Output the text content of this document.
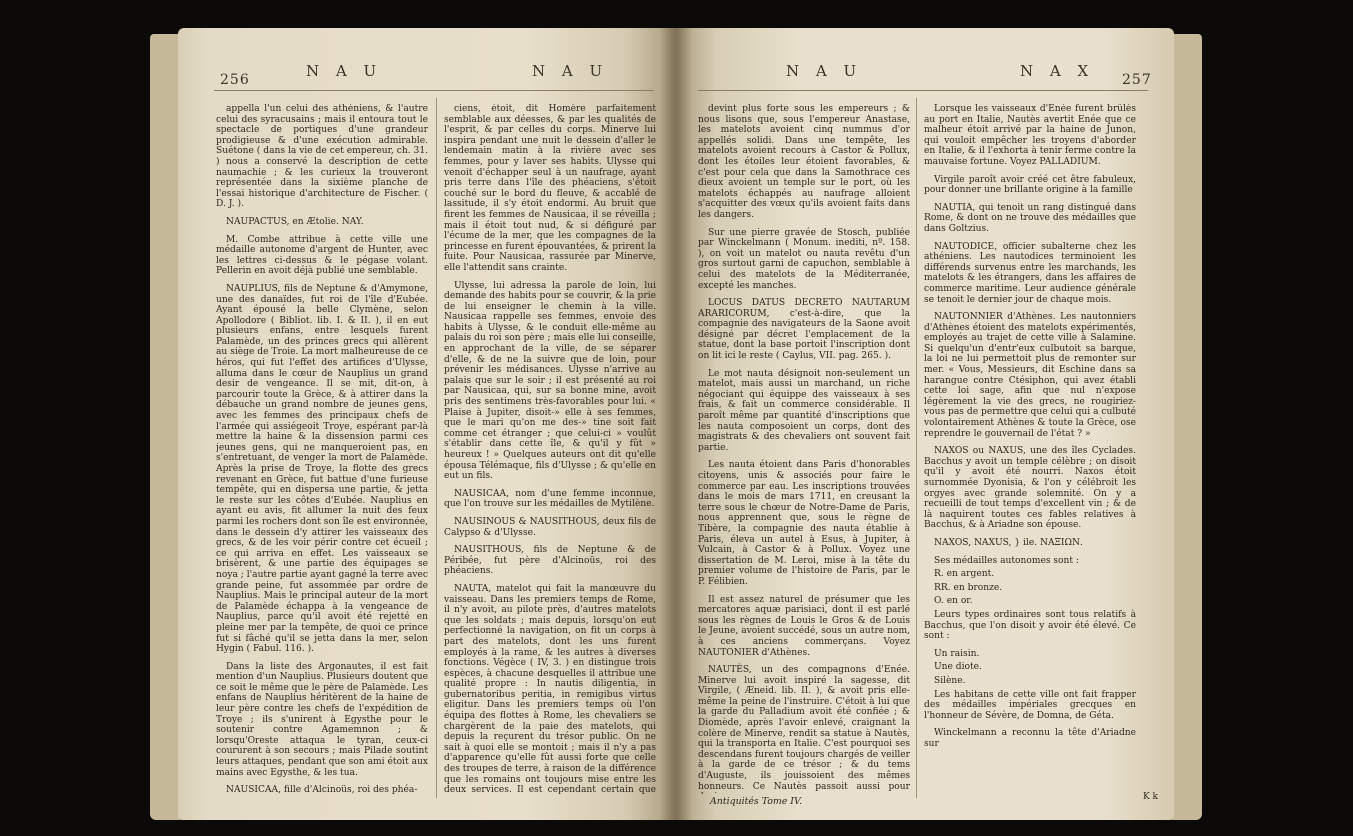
256	N A U	N A U

appella l'un celui des athéniens, & l'autre celui des syracusains ; mais il entoura tout le spectacle de portiques d'une grandeur prodigieuse & d'une exécution admirable. Suétone ( dans la vie de cet empereur, ch. 31. ) nous a conservé la description de cette naumachie ; & les curieux la trouveront représentée dans la sixième planche de l'essai historique d'architecture de Fischer. ( D. J. ).

NAUPACTUS, en Ætolie. NAY.

M. Combe attribue à cette ville une médaille autonome d'argent de Hunter, avec les lettres ci-dessus & le pégase volant. Pellerin en avoit déjà publié une semblable.

NAUPLIUS, fils de Neptune & d'Amymone, une des danaïdes, fut roi de l'île d'Eubée. Ayant épousé la belle Clymène, selon Apollodore ( Bibliot. lib. I. & II. ), il en eut plusieurs enfans, entre lesquels furent Palamède, un des princes grecs qui allèrent au siège de Troie. La mort malheureuse de ce héros, qui fut l'effet des artifices d'Ulysse, alluma dans le cœur de Nauplius un grand desir de vengeance. Il se mit, dit-on, à parcourir toute la Grèce, & à attirer dans la débauche un grand nombre de jeunes gens, avec les femmes des principaux chefs de l'armée qui assiégeoit Troye, espérant par-là mettre la haine & la dissension parmi ces jeunes gens, qui ne manqueroient pas, en s'entretuant, de venger la mort de Palamède. Après la prise de Troye, la flotte des grecs revenant en Grèce, fut battue d'une furieuse tempête, qui en dispersa une partie, & jetta le reste sur les côtes d'Eubée. Nauplius en ayant eu avis, fit allumer la nuit des feux parmi les rochers dont son île est environnée, dans le dessein d'y attirer les vaisseaux des grecs, & de les voir périr contre cet écueil ; ce qui arriva en effet. Les vaisseaux se brisèrent, & une partie des équipages se noya ; l'autre partie ayant gagné la terre avec grande peine, fut assommée par ordre de Nauplius. Mais le principal auteur de la mort de Palamède échappa à la vengeance de Nauplius, parce qu'il avoit été rejetté en pleine mer par la tempête, de quoi ce prince fut si fâché qu'il se jetta dans la mer, selon Hygin ( Fabul. 116. ).

Dans la liste des Argonautes, il est fait mention d'un Nauplius. Plusieurs doutent que ce soit le même que le père de Palamède. Les enfans de Nauplius héritèrent de la haine de leur père contre les chefs de l'expédition de Troye ; ils s'unirent à Egysthe pour le soutenir contre Agamemnon ; & lorsqu'Oreste attaqua le tyran, ceux-ci coururent à son secours ; mais Pilade soutint leurs attaques, pendant que son ami étoit aux mains avec Egysthe, & les tua.

NAUSICAA, fille d'Alcinoüs, roi des phéa-

ciens, étoit, dit Homère parfaitement semblable aux déesses, & par les qualités de l'esprit, & par celles du corps. Minerve lui inspira pendant une nuit le dessein d'aller le lendemain matin à la rivière avec ses femmes, pour y laver ses habits. Ulysse qui venoit d'échapper seul à un naufrage, ayant pris terre dans l'île des phéaciens, s'étoit couché sur le bord du fleuve, & accablé de lassitude, il s'y étoit endormi. Au bruit que firent les femmes de Nausicaa, il se réveilla ; mais il étoit tout nud, & si défiguré par l'écume de la mer, que les compagnes de la princesse en furent épouvantées, & prirent la fuite. Pour Nausicaa, rassurée par Minerve, elle l'attendit sans crainte.

Ulysse, lui adressa la parole de loin, lui demande des habits pour se couvrir, & la prie de lui enseigner le chemin à la ville. Nausicaa rappelle ses femmes, envoie des habits à Ulysse, & le conduit elle-même au palais du roi son père ; mais elle lui conseille, en approchant de la ville, de se séparer d'elle, & de ne la suivre que de loin, pour prévenir les médisances. Ulysse n'arrive au palais que sur le soir ; il est présenté au roi par Nausicaa, qui, sur sa bonne mine, avoit pris des sentimens très-favorables pour lui. « Plaise à Jupiter, disoit-» elle à ses femmes, que le mari qu'on me des-» tine soit fait comme cet étranger ; que celui-ci » voulût s'établir dans cette île, & qu'il y fût » heureux ! » Quelques auteurs ont dit qu'elle épousa Télémaque, fils d'Ulysse ; & qu'elle en eut un fils.

NAUSICAA, nom d'une femme inconnue, que l'on trouve sur les médailles de Mytilène.

NAUSINOUS & NAUSITHOUS, deux fils de Calypso & d'Ulysse.

NAUSITHOUS, fils de Neptune & de Péribée, fut père d'Alcinoüs, roi des phéaciens.

NAUTA, matelot qui fait la manœuvre du vaisseau. Dans les premiers temps de Rome, il n'y avoit, au pilote près, d'autres matelots que les soldats ; mais depuis, lorsqu'on eut perfectionné la navigation, on fit un corps à part des matelots, dont les uns furent employés à la rame, & les autres à diverses fonctions. Végèce ( IV, 3. ) en distingue trois espèces, à chacune desquelles il attribue une qualité propre : In nautis diligentia, in gubernatoribus peritia, in remigibus virtus eligitur. Dans les premiers temps où l'on équipa des flottes à Rome, les chevaliers se chargèrent de la paie des matelots, qui depuis la reçurent du trésor public. On ne sait à quoi elle se montoit ; mais il n'y a pas d'apparence qu'elle fût aussi forte que celle des troupes de terre, à raison de la différence que les romains ont toujours mise entre les deux services. Il est cependant certain que

N A U	N A X 257

devint plus forte sous les empereurs ; & nous lisons que, sous l'empereur Anastase, les matelots avoient cinq nummus d'or appellés solidi. Dans une tempête, les matelots avoient recours à Castor & Pollux, dont les étoiles leur étoient favorables, & c'est pour cela que dans la Samothrace ces dieux avoient un temple sur le port, où les matelots échappés au naufrage alloient s'acquitter des vœux qu'ils avoient faits dans les dangers.

Sur une pierre gravée de Stosch, publiée par Winckelmann ( Monum. inediti, nº. 158. ), on voit un matelot ou nauta revêtu d'un gros surtout garni de capuchon, semblable à celui des matelots de la Méditerranée, excepté les manches.

LOCUS DATUS DECRETO NAUTARUM ARARICORUM, c'est-à-dire, que la compagnie des navigateurs de la Saone avoit désigné par décret l'emplacement de la statue, dont la base portoit l'inscription dont on lit ici le reste ( Caylus, VII. pag. 265. ).

Le mot nauta désignoit non-seulement un matelot, mais aussi un marchand, un riche négociant qui équippe des vaisseaux à ses frais, & fait un commerce considérable. Il paroît même par quantité d'inscriptions que les nauta composoient un corps, dont des magistrats & des chevaliers ont souvent fait partie.

Les nauta étoient dans Paris d'honorables citoyens, unis & associés pour faire le commerce par eau. Les inscriptions trouvées dans le mois de mars 1711, en creusant la terre sous le chœur de Notre-Dame de Paris, nous apprennent que, sous le règne de Tibère, la compagnie des nauta établie à Paris, éleva un autel à Esus, à Jupiter, à Vulcain, à Castor & à Pollux. Voyez une dissertation de M. Leroi, mise à la tête du premier volume de l'histoire de Paris, par le P. Félibien.

Il est assez naturel de présumer que les mercatores aquæ parisiaci, dont il est parlé sous les règnes de Louis le Gros & de Louis le Jeune, avoient succédé, sous un autre nom, à ces anciens commerçans. Voyez NAUTONIER d'Athènes.

NAUTÈS, un des compagnons d'Enée. Minerve lui avoit inspiré la sagesse, dit Virgile, ( Æneid. lib. II. ), & avoit pris elle-même la peine de l'instruire. C'étoit à lui que la garde du Palladium avoit été confiée ; & Diomède, après l'avoir enlevé, craignant la colère de Minerve, rendit sa statue à Nautès, qui la transporta en Italie. C'est pourquoi ses descendans furent toujours chargés de veiller à la garde de ce trésor ; & du tems d'Auguste, ils jouissoient des mêmes honneurs. Ce Nautès passoit aussi pour

Lorsque les vaisseaux d'Enée furent brûlés au port en Italie, Nautès avertit Enée que ce malheur étoit arrivé par la haine de Junon, qui vouloit empêcher les troyens d'aborder en Italie, & il l'exhorta à tenir ferme contre la mauvaise fortune. Voyez PALLADIUM.

Virgile paroît avoir créé cet être fabuleux, pour donner une brillante origine à la famille

NAUTIA, qui tenoit un rang distingué dans Rome, & dont on ne trouve des médailles que dans Goltzius.

NAUTODICE, officier subalterne chez les athéniens. Les nautodices terminoient les différends survenus entre les marchands, les matelots & les étrangers, dans les affaires de commerce maritime. Leur audience générale se tenoit le dernier jour de chaque mois.

NAUTONNIER d'Athènes. Les nautonniers d'Athènes étoient des matelots expérimentés, employés au trajet de cette ville à Salamine. Si quelqu'un d'entr'eux culbutoit sa barque, la loi ne lui permettoit plus de remonter sur mer. « Vous, Messieurs, dit Eschine dans sa harangue contre Ctésiphon, qui avez établi cette loi sage, afin que nul n'expose légèrement la vie des grecs, ne rougiriez-vous pas de permettre que celui qui a culbuté volontairement Athènes & toute la Grèce, ose reprendre le gouvernail de l'état ? »

NAXOS ou NAXUS, une des îles Cyclades. Bacchus y avoit un temple célèbre ; on disoit qu'il y avoit été nourri. Naxos étoit surnommée Dyonisia, & l'on y célébroit les orgyes avec grande solemnité. On y a recueilli de tout temps d'excellent vin ; & de là naquirent toutes ces fables relatives à Bacchus, & à Ariadne son épouse.

NAXOS, NAXUS, } ile. ΝΑΞΙΩΝ.

Ses médailles autonomes sont :

R. en argent.

RR. en bronze.

O. en or.

Leurs types ordinaires sont tous relatifs à Bacchus, que l'on disoit y avoir été élevé. Ce sont :

Un raisin.

Une diote.

Silène.

Les habitans de cette ville ont fait frapper des médailles impériales grecques en l'honneur de Sévère, de Domna, de Géta.

Winckelmann a reconnu la tête d'Ariadne sur

Antiquités Tome IV.	K k
